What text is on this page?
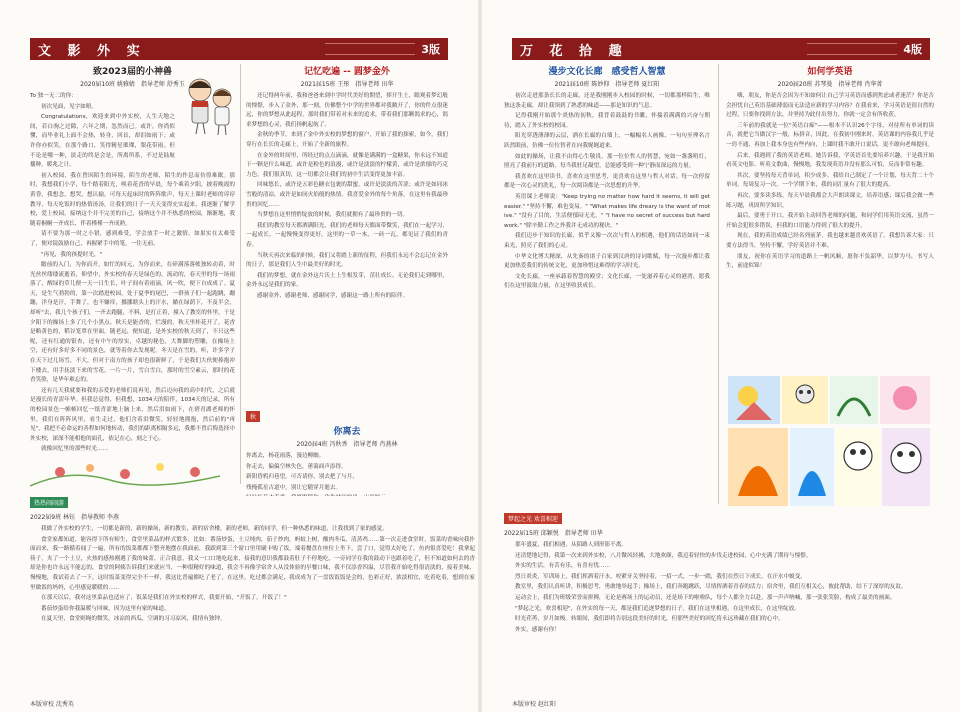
文 影 外 实	3版
致2023届的小神兽
2020届10班 姚雅婧　指导老师 舒秀玉

To 独一无二的你：

初次见面，见字如晤。

Congratulations，欢迎来到中外实校，人生天地之间，若白驹之过隙，六年之期，忽然而已。或许，你尚似懂，而毕业礼上面不会热，转身，回首，却泪如雨下；或许你亦似笑，在那个路口，笑得精星璀璨，梨花带雨。但不论是哪一种，淡走的终是会是，所离所系，不过是陆航播种，暖兆之计。

初入校园，我在曾因陌生的环境，陌生的老师，陌生的作息而彷徨难眠。那时，我想我们小学，每个踏着阳光，唤着花香的早晨，每个乘着夕阳，披着晚霞的黄昏，我想念，想哭，想认输，可每天起床时的阵阵歌声，每天上课时老师的谆谆教导，每天吃饭时的热情汤汤，让我们的日子一天天变得充实起来，我逐渐了解学校，爱上校园，接纳这个并不完美的自己，接纳这个并不热悉的校园，渐渐地，我随着桐桐一齐成长，伴着槿槿一齐成熟。

请不要为那一时之小错，感到难受，学会放手一时之激情，如果实在太难受了，便对镜鼓励自己，再握紧手中的笔，一往无前。

"再见，我的孩提时光。"

瞻前的入门，为你而开，如忙的同元，为你而来，在碎满落落帐独转动着，时光丝丝缕缕流逝着，仰望中，外实校的春天是绿色的，流动的，春天里的每一场雨落了，醒绿的草儿便一天一日生长，叶子间有着雨滴，风一吹，便下自成成了。夏天，是生气勃勃的，第一次踏进校园，处于夏季的尾巴，一群孩子们一起跑跳，蹦蹦，洋身是汗，手舞了，也不嫌痒，挪挪瞎头上的汗水，躺在绿荫下，不及半会，却听"去，我几个孩子们，一齐去跑腿，不料，是打正着，撞入了教室的怀里，于是夕阳下的操场上多了几个小黑点。秋天是能香的，烂漫的，秋天里桂花开了，花香是略黄色的，稻谷笼罩在里面，随老远，便知道，是外实校的秋天到了，不只这些呢，还有红通的银杏，还有中午的厚实，卓越的秘色，大舞脚的塑雕，在操场上空，还有好多好多不同的景色，就等着你去发现呢。冬天是在雪的，听，许多学子在天下过几场雪，不大，但对于南方的孩子却也很新鲜了，于是我们大伙便捧抱冲下楼去，用手抚淡下来的雪花，一片一片，雪白雪白，那时的雪空素云，那时的花香笑脸，是华年难忘的。

还有几天我就要和我的亲爱的老师们说再见，然后迈向我的高中时代，之后就是漫长的青涩年华。但我总觉得，但我想，1034天的陪伴，1034天的记录，所有的校园景色一帧帧回忆一纸青涩地上脑上来，然后泪如雨下，在碧青湖老师的怀里，我们在阵阵风里，看生走过，他们含着泪微笑，轻轻地拥抱，然后前的"再见"，我把不必命运的善程如何地转动，我们的距离相隔多远，我都不曾后悔选择中外实校，深深不能相他的面孔，依记在心，刻之于心。

就像回忆里的那些时光……

热热闹闹游
2022届9班 林钰　指导教师 李燕

我做了外实校的学生，一切都是新的，新的操场，新的教室，新的宿舍楼，新的老师，新的同学，但一种热悉的味道，让我找到了家的感觉。

食堂家都知道，能容得下所有师生，食堂里菜品的样式繁多，比如：番茄炒蛋，土豆炖肉，茄子炒肉，蚂蚁上树，酸肉冬瓜，清蒸鸡……第一次走进食堂时，饭菜的香味向我扑面而来，我一路循着闻了一遍，所有的饭菜都都下整齐地摆在我面前，我跟到第三个窗口里用刷卡购了饭，端着餐盘在座位上坐下，尝了口，觉得太好吃了，鱼肉很喜爱吃！我拿起筷子，夹了一个土豆，火热的感热刚遇了我的味蕾，正合我意，我又一口口地吃起来，接我的意识我都鼓着肚子不停地吃，一旁同学在我的鼓动下也跟着吃了，但不知道如何去的香却是你也许永远不能忘的，食堂的阿姨告诉我们来就应当，一种很精好的味道，我会不再像学宿舍人从没体验的早餐口味，我不仅添香四溢，尽管我开始吃得很清淡的，接着美味，慢慢地，我试着去了一下，这时饭菜变得完全不一样，我这比普遍都吃了老了，在这里，吃过都会满足，我成成为了一盘饭饭饭是会的，色彩正好，浓淡相宜，吃着吃着，想到在家里做饭的妈妈，心里感觉暖暖的……

在那天以后，我对这里菜品也适应了，饭菜是我们在外实校的样式，我要开始，"开饭了，开饭了！"

番茄炒蛋给你我温暖与回味，因为这里有家的味道。

在夏天里，食堂则绳的微笑，冰凉的西瓜，空调的习习凉风，我情有独钟。

记忆吃遍 -- 圆梦金外
2021届15班 王彤　指导老师 田华

还记得两年前，我和爸爸来到中学时代美好的期望，摔开生土，瞻观着梦幻般的憧憬，步入了金外，那一刻，仿佛整个中学的世界都对我敞开了，你的件点很迷远，你的梦想从此起程，那时我们带着对未来的追求，带着我们那颗渴求的心，渴求梦想的心灵，我们扬帆起航了。

金秋的季节，来到了金中外实校的梦想的窗户，开始了我的探索，如今，我们穿行在长长的走廊上，开始了全新的旅程。

在金外的时间里，所经过的点点滴滴，就像是满满的一盒糖果，你永远不知道下一颗是什么味道，或许是粉色的浪漫，或许是淡淡的柠檬黄，或许是浓郁的巧克力色。我们很真切，这一切都会让我们的初中生活变得更加丰富。

回味悠长，或许是五彩色糖衣包裹的甜蜜，或许是淡淡的苦涩；或许是如同冰雪般的清凉，或许是如同火焰般的热情。我喜爱金外的每个角落，在这里有我最珍贵的回忆……

当梦想在这里悄悄绽放的时候，我们就拥有了最珍贵的一切。

我们的教室每天都洒满阳光，我们的老师每天都面带微笑，我们在一起学习，一起成长，一起慢慢变得更好。这里的一草一木，一砖一瓦，都见证了我们的青春。

当秋天再次来临的时候，我们又将踏上新的征程，但我们永远不会忘记在金外的日子，那是我们人生中最美好的时光。

我们的梦想，就在金外这片沃土上生根发芽，茁壮成长。无论我们走到哪里，金外永远是我们的家。

感谢金外，感谢老师，感谢同学，感谢这一路上所有的陪伴。

秋
你离去
2020届4班 冯秋香　指导老师 肖燕林

你离去，杨花雨落，漫边柳幽。

你走去，偏偏空林失色，蕙蔼面声添得。

新阳昏鸦归巷望，可否请你，别去把了与月，

残掩孤星古道中，别让它随穿月逝去。

本版审校 沈秀英
万 花 拾 趣	4版
漫步文化长廊　感受哲人智慧
2021届10班 陈妙仰　指导老师 夏红阳

初次走进那条长长的走廊，还是我刚刚步入校园的时候，一切都那样陌生，唯独这条走廊，却让我领到了熟悉的味道——那是知识的气息。

记得我刚开始那个炎热的初秋，我背着鼓鼓的书囊，怀揣着满满的兴奋与期待，踏入了外实校的校园。

阳光穿透薄薄的云层，洒在长廊的白墙上，一幅幅名人画像、一句句至理名言跃然眼前，仿佛一位位智者在向我娓娓道来。

如此的操场，让我不由得心生敬畏，那一位位哲人的智慧，宛如一盏盏明灯，照亮了我前行的道路。每当我驻足凝望，总能感受到一种宁静而深远的力量。

我喜欢在这里读书，喜欢在这里思考，更喜欢在这里与哲人对话。每一次停留都是一次心灵的洗礼，每一次阅读都是一次思想的升华。

英语课上老师说："Keep trying no matter how hard it seems, it will get easier." "坚持不懈，难也变易。" "What makes life dreary is the want of motive." "没有了目的，生活便郁闷无光。" "I have no secret of success but hard work." "除辛勤工作之外我并无成功的秘诀。"

我们迈步于知识的长廊，似乎又像一次次与哲人的相遇，他们的话语如同一束束光，照亮了我们的心灵。

中华文化博大精深，从先秦的诸子百家到汉唐的诗词歌赋，每一次漫步都让我更加热爱我们的传统文化，更加珍惜这难得的学习时光。

文化长廊，一座承载着智慧的殿堂；文化长廊，一处滋养着心灵的港湾。愿我们在这里汲取力量，在这里收获成长。

如何学英语
2020届20班 苏琴曼　指导老师 肖华菁

嗨，朋友，你是否会因为不知如何让自己学习英语而感到焦虑或者迷茫？你是否会担忧自己英语基础薄弱而无法适应新的学习内容？在我看来，学习英语是很自然的过程，只要你找到方法，并坚持为此付出努力，你就一定会有所收获。

三年前的我就是一位"英语白痴"——根本不认识26个字母，对待所有单词的读音，就把它当做汉字一般，标拼音，因此，在我初中刚来时，英语课的内容我几乎是一窍不通，再加上我本身也有些内向，上课时我不敢开口说话，更不敢向老师提问。

后来，我遇到了我的英语老师，她告诉我，学英语首先要培养兴趣。于是我开始看英文电影、听英文歌曲，慢慢地，我发现英语并没有那么可怕，反而非常有趣。

其次，要坚持每天背单词，积少成多。我给自己制定了一个计划，每天背二十个单词，每周复习一次。一个学期下来，我的词汇量有了很大的提高。

再次，要多读多练。每天早晨我都会大声朗读课文，培养语感；课后我会做一些练习题，巩固所学知识。

最后，要勇于开口。我开始主动回答老师的问题，和同学们用英语交流，虽然一开始会犯很多错误，但我的口语能力得到了很大的提升。

现在，我的英语成绩已经名列前茅，我也越来越喜欢英语了。我想告诉大家：只要方法得当，坚持不懈，学好英语并不难。

朋友，祝你在英语学习的道路上一帆风顺，愿你不负韶华，以梦为马，书写人生，前途似锦！

梦起之光 欢喜相迎
2022届15班 邱颖悦　指导老师 田华

那年盛夏，我们相遇，从陌路人到形影不离。

还清楚地记得，我第一次来到外实校，八月微风轻拂，大地欢颜，我迈着轻快的步伐走进校园，心中充满了期待与憧憬。

外实的生活，有苦有乐，有喜有忧……

烈日炎炎，军训场上，我们挥洒着汗水，咬紧牙关坚持着，一招一式，一步一踏，我们在烈日下成长，在汗水中蜕变。

教室里，我们认真听讲，积极思考，勇敢地举起手；操场上，我们奔跑跳跃，尽情挥洒着青春的活力；宿舍里，我们互相关心，彼此帮助，结下了深厚的友谊。

运动会上，我们为班级荣誉而拼搏，无论是赛场上的运动员，还是场下的啦啦队，每个人都全力以赴，那一声声呐喊，那一张张笑脸，构成了最美的画面。

"梦起之光，欢喜相迎"，在外实的每一天，都是我们追逐梦想的日子。我们在这里相遇，在这里成长，在这里绽放。

时光荏苒，岁月如梭。转眼间，我们即将告别这段美好的时光，但那些美好的回忆将永远珍藏在我们的心中。

外实，感谢有你！

本版审校 赵红阳
